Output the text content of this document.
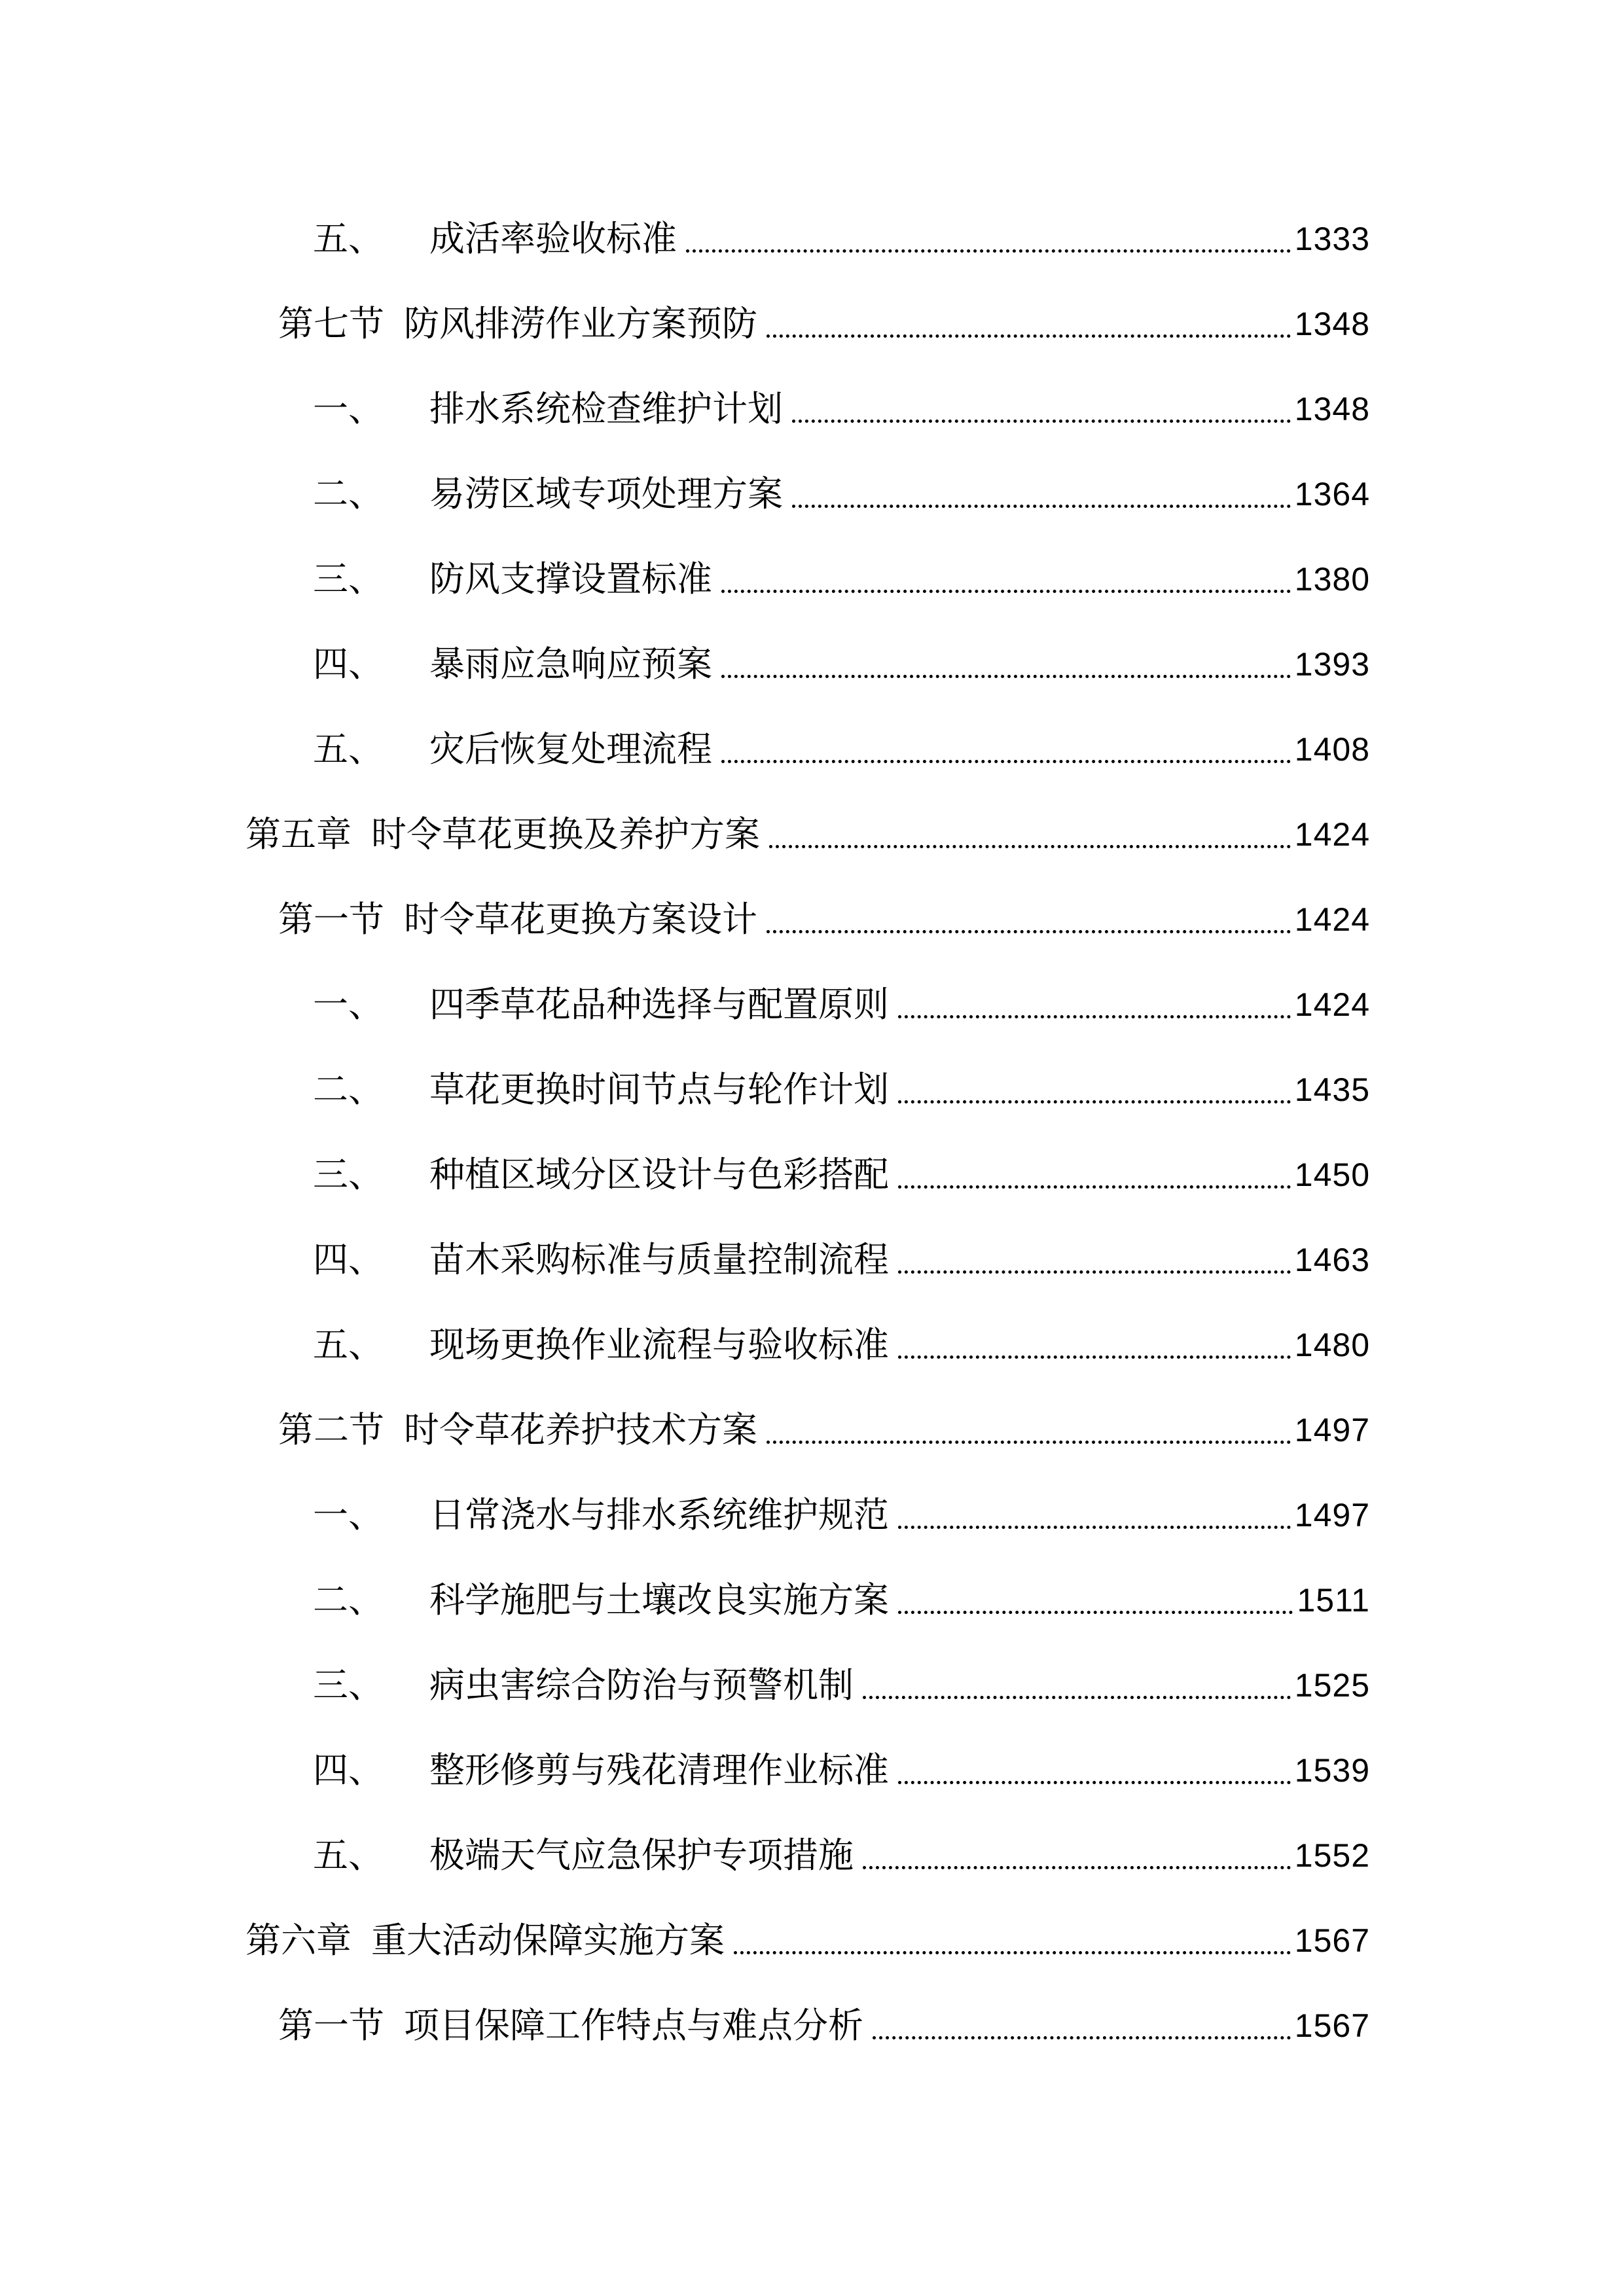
五、 成活率验收标准	1333
第七节 防风排涝作业方案预防	1348
一、 排水系统检查维护计划	1348
二、 易涝区域专项处理方案	1364
三、 防风支撑设置标准	1380
四、 暴雨应急响应预案	1393
五、 灾后恢复处理流程	1408
第五章 时令草花更换及养护方案	1424
第一节 时令草花更换方案设计	1424
一、 四季草花品种选择与配置原则	1424
二、 草花更换时间节点与轮作计划	1435
三、 种植区域分区设计与色彩搭配	1450
四、 苗木采购标准与质量控制流程	1463
五、 现场更换作业流程与验收标准	1480
第二节 时令草花养护技术方案	1497
一、 日常浇水与排水系统维护规范	1497
二、 科学施肥与土壤改良实施方案	1511
三、 病虫害综合防治与预警机制	1525
四、 整形修剪与残花清理作业标准	1539
五、 极端天气应急保护专项措施	1552
第六章 重大活动保障实施方案	1567
第一节 项目保障工作特点与难点分析	1567
